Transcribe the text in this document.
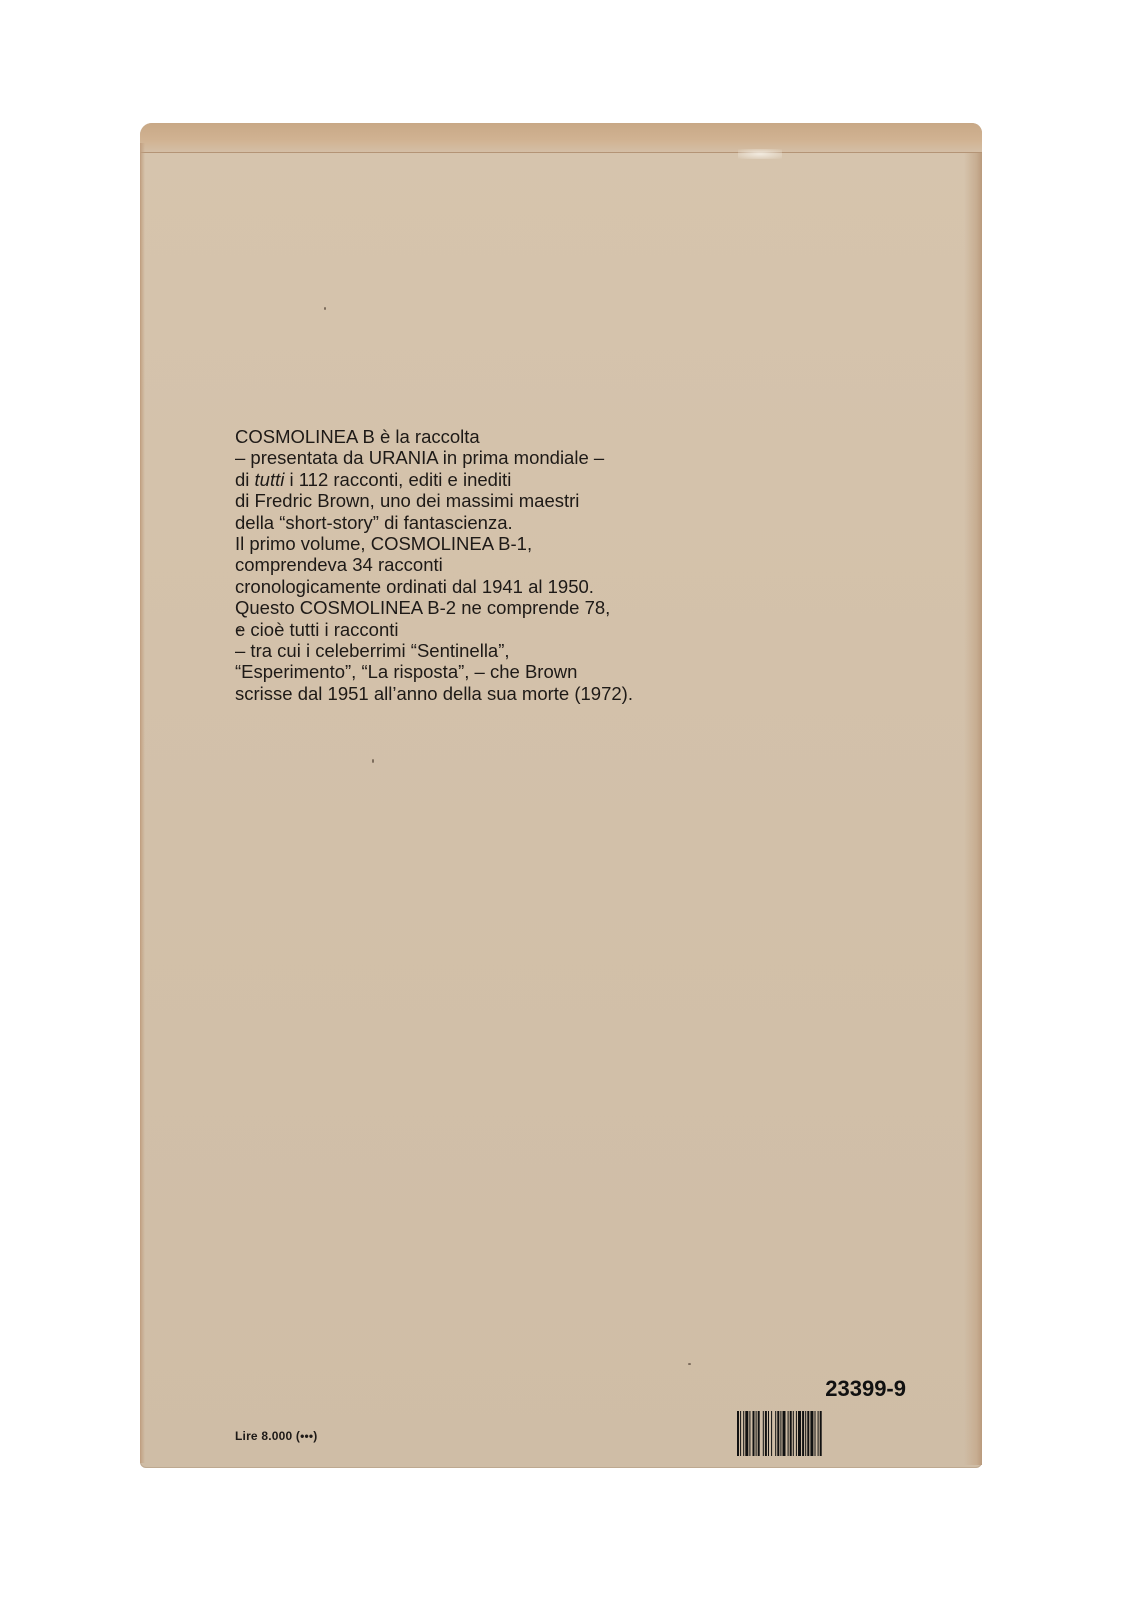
COSMOLINEA B è la raccolta
– presentata da URANIA in prima mondiale –
di tutti i 112 racconti, editi e inediti
di Fredric Brown, uno dei massimi maestri
della “short-story” di fantascienza.
Il primo volume, COSMOLINEA B-1,
comprendeva 34 racconti
cronologicamente ordinati dal 1941 al 1950.
Questo COSMOLINEA B-2 ne comprende 78,
e cioè tutti i racconti
– tra cui i celeberrimi “Sentinella”,
“Esperimento”, “La risposta”, – che Brown
scrisse dal 1951 all’anno della sua morte (1972).
Lire 8.000 (•••)
23399-9
